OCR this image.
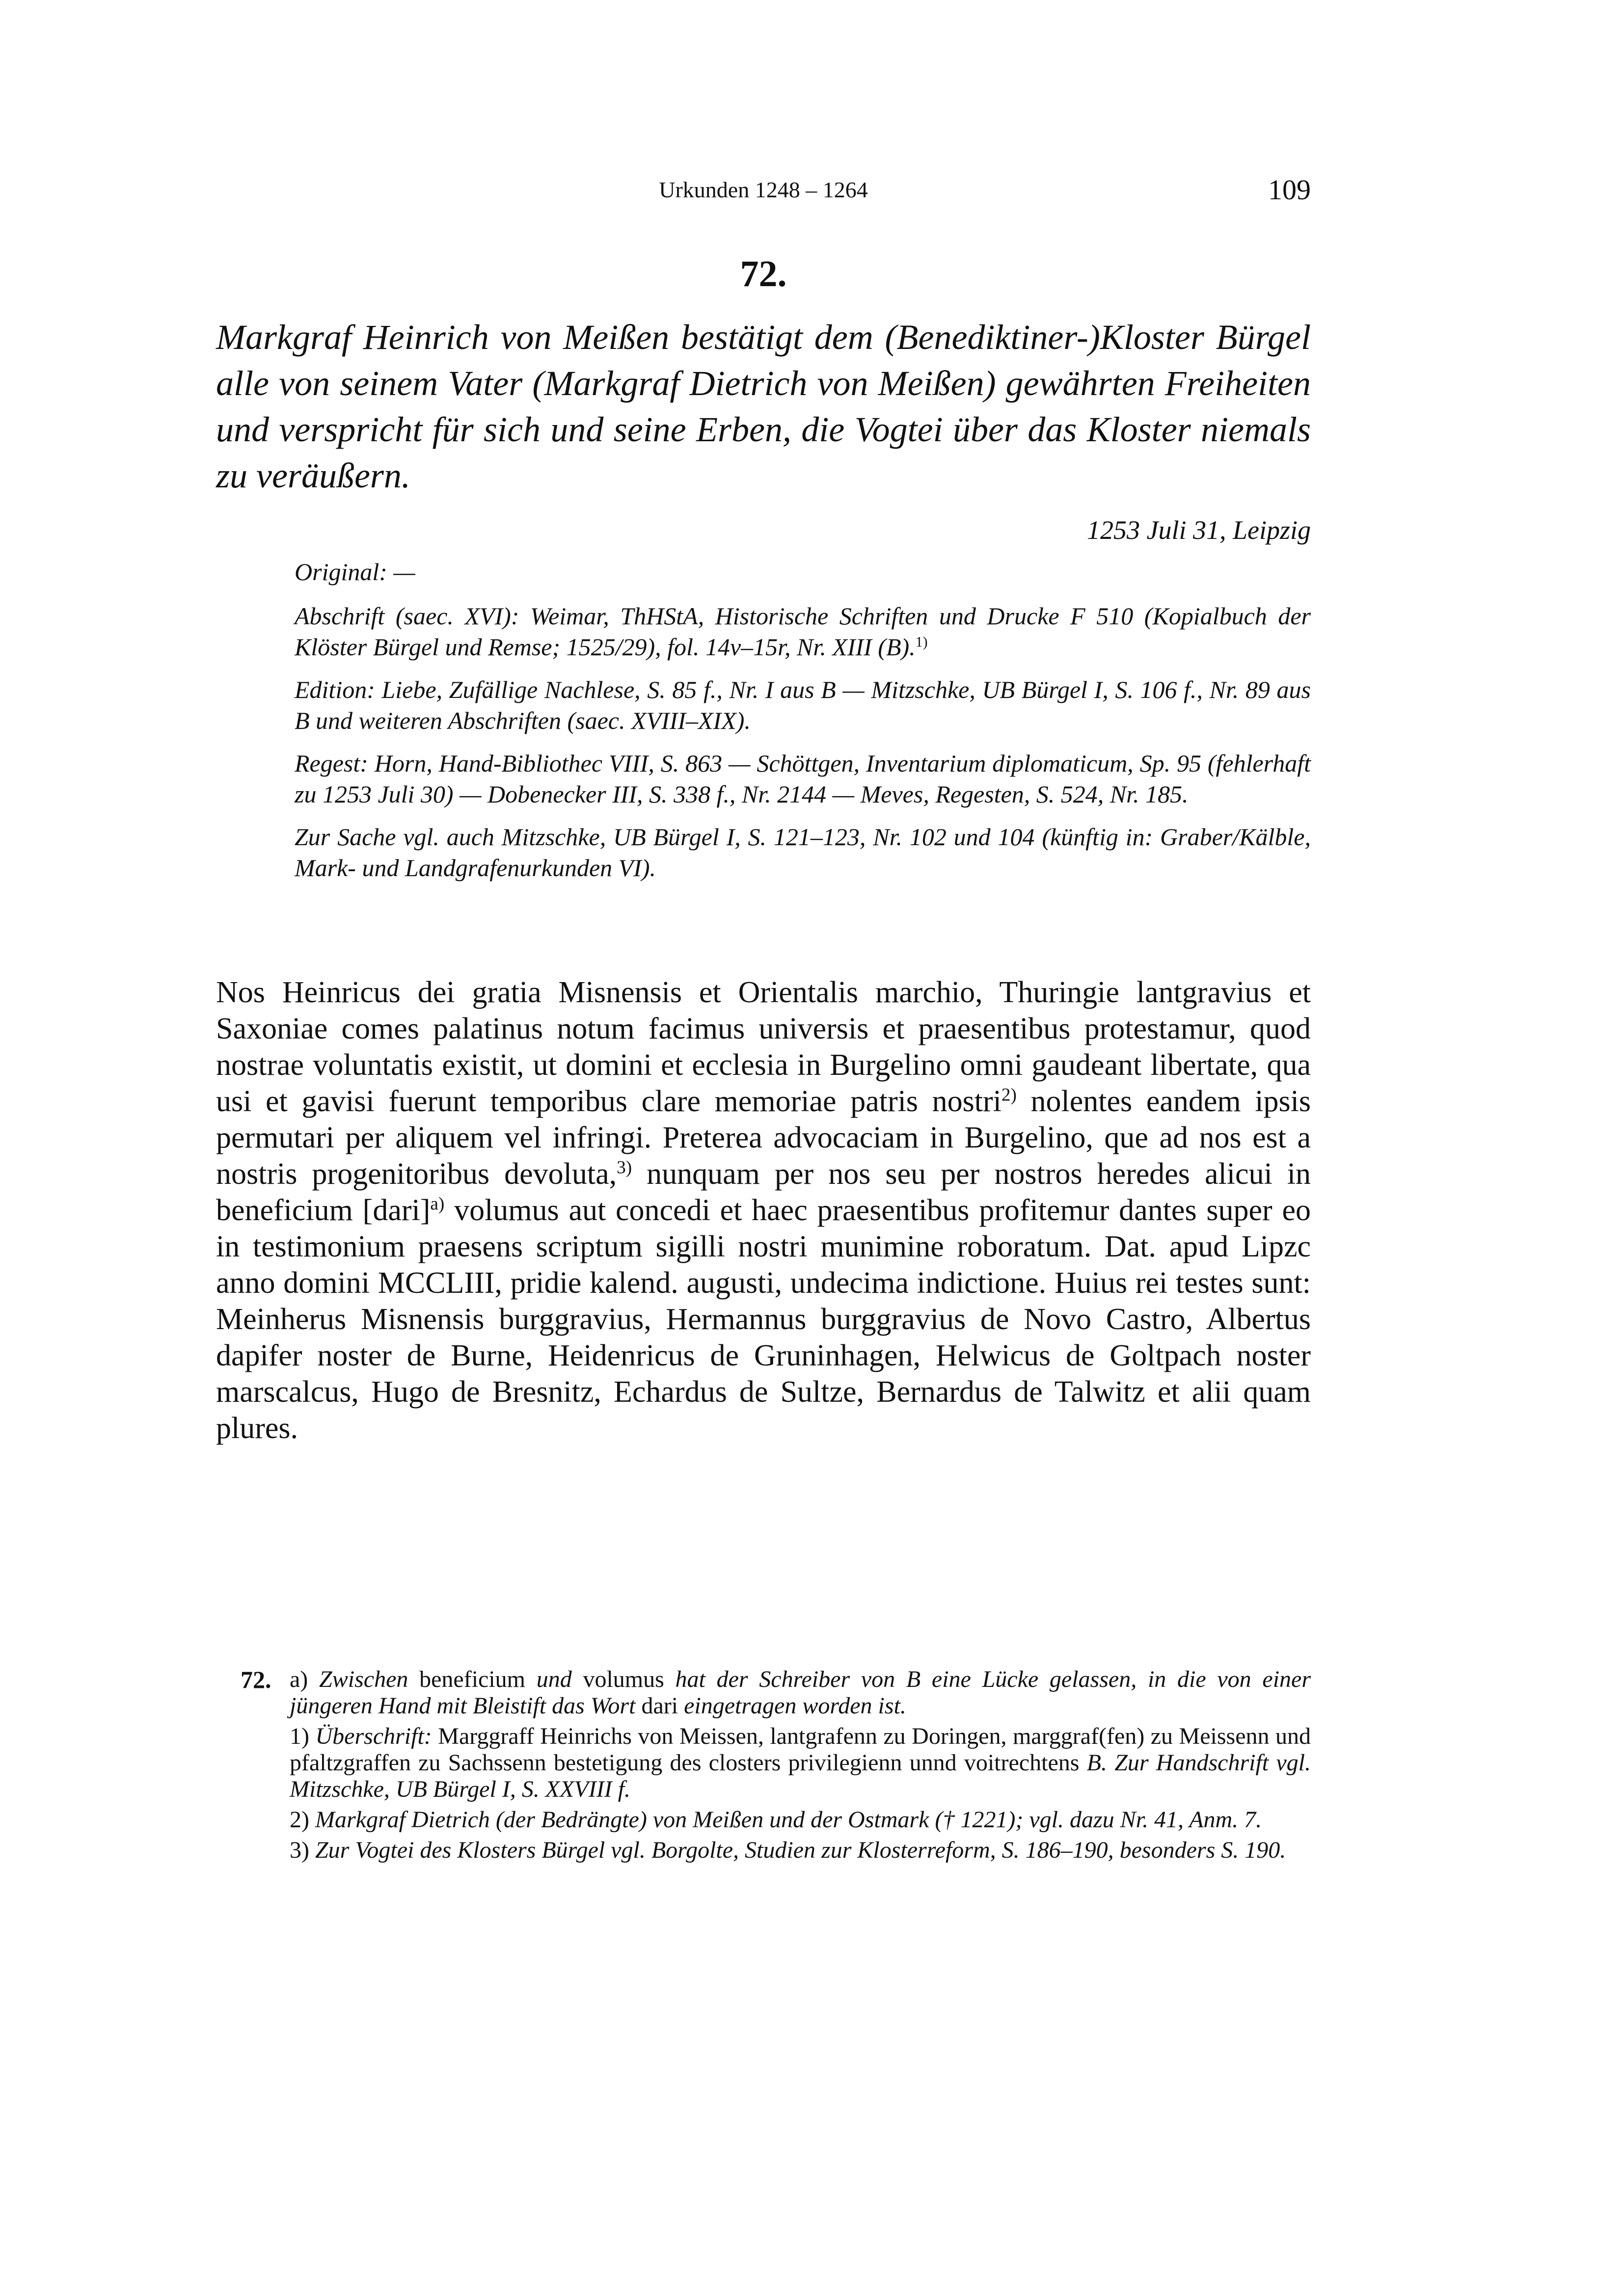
Urkunden 1248 – 1264	109
72.

Markgraf Heinrich von Meißen bestätigt dem (Benediktiner-)Kloster Bürgel alle von seinem Vater (Markgraf Dietrich von Meißen) gewährten Freiheiten und verspricht für sich und seine Erben, die Vogtei über das Kloster niemals zu veräußern.

1253 Juli 31, Leipzig

Original: —

Abschrift (saec. XVI): Weimar, ThHStA, Historische Schriften und Drucke F 510 (Kopialbuch der Klöster Bürgel und Remse; 1525/29), fol. 14v–15r, Nr. XIII (B).$^{1)}$

Edition: Liebe, Zufällige Nachlese, S. 85 f., Nr. I aus B — Mitzschke, UB Bürgel I, S. 106 f., Nr. 89 aus B und weiteren Abschriften (saec. XVIII–XIX).

Regest: Horn, Hand-Bibliothec VIII, S. 863 — Schöttgen, Inventarium diplomaticum, Sp. 95 (fehlerhaft zu 1253 Juli 30) — Dobenecker III, S. 338 f., Nr. 2144 — Meves, Regesten, S. 524, Nr. 185.

Zur Sache vgl. auch Mitzschke, UB Bürgel I, S. 121–123, Nr. 102 und 104 (künftig in: Graber/Kälble, Mark- und Landgrafenurkunden VI).

Nos Heinricus dei gratia Misnensis et Orientalis marchio, Thuringie lantgravius et Saxoniae comes palatinus notum facimus universis et praesentibus protestamur, quod nostrae voluntatis existit, ut domini et ecclesia in Burgelino omni gaudeant libertate, qua usi et gavisi fuerunt temporibus clare memoriae patris nostri$^{2)}$ nolentes eandem ipsis permutari per aliquem vel infringi. Preterea advocaciam in Burgelino, que ad nos est a nostris progenitoribus devoluta,$^{3)}$ nunquam per nos seu per nostros heredes alicui in beneficium [dari]$^{a)}$ volumus aut concedi et haec praesentibus profitemur dantes super eo in testimonium praesens scriptum sigilli nostri munimine roboratum. Dat. apud Lipzc anno domini MCCLIII, pridie kalend. augusti, undecima indictione. Huius rei testes sunt: Meinherus Misnensis burggravius, Hermannus burggravius de Novo Castro, Albertus dapifer noster de Burne, Heidenricus de Gruninhagen, Helwicus de Goltpach noster marscalcus, Hugo de Bresnitz, Echardus de Sultze, Bernardus de Talwitz et alii quam plures.

72. a) Zwischen beneficium und volumus hat der Schreiber von B eine Lücke gelassen, in die von einer jüngeren Hand mit Bleistift das Wort dari eingetragen worden ist.

1) Überschrift: Marggraff Heinrichs von Meissen, lantgrafenn zu Doringen, marggraf(fen) zu Meissenn und pfaltzgraffen zu Sachssenn bestetigung des closters privilegienn unnd voitrechtens B. Zur Handschrift vgl. Mitzschke, UB Bürgel I, S. XXVIII f.

2) Markgraf Dietrich (der Bedrängte) von Meißen und der Ostmark († 1221); vgl. dazu Nr. 41, Anm. 7.

3) Zur Vogtei des Klosters Bürgel vgl. Borgolte, Studien zur Klosterreform, S. 186–190, besonders S. 190.
